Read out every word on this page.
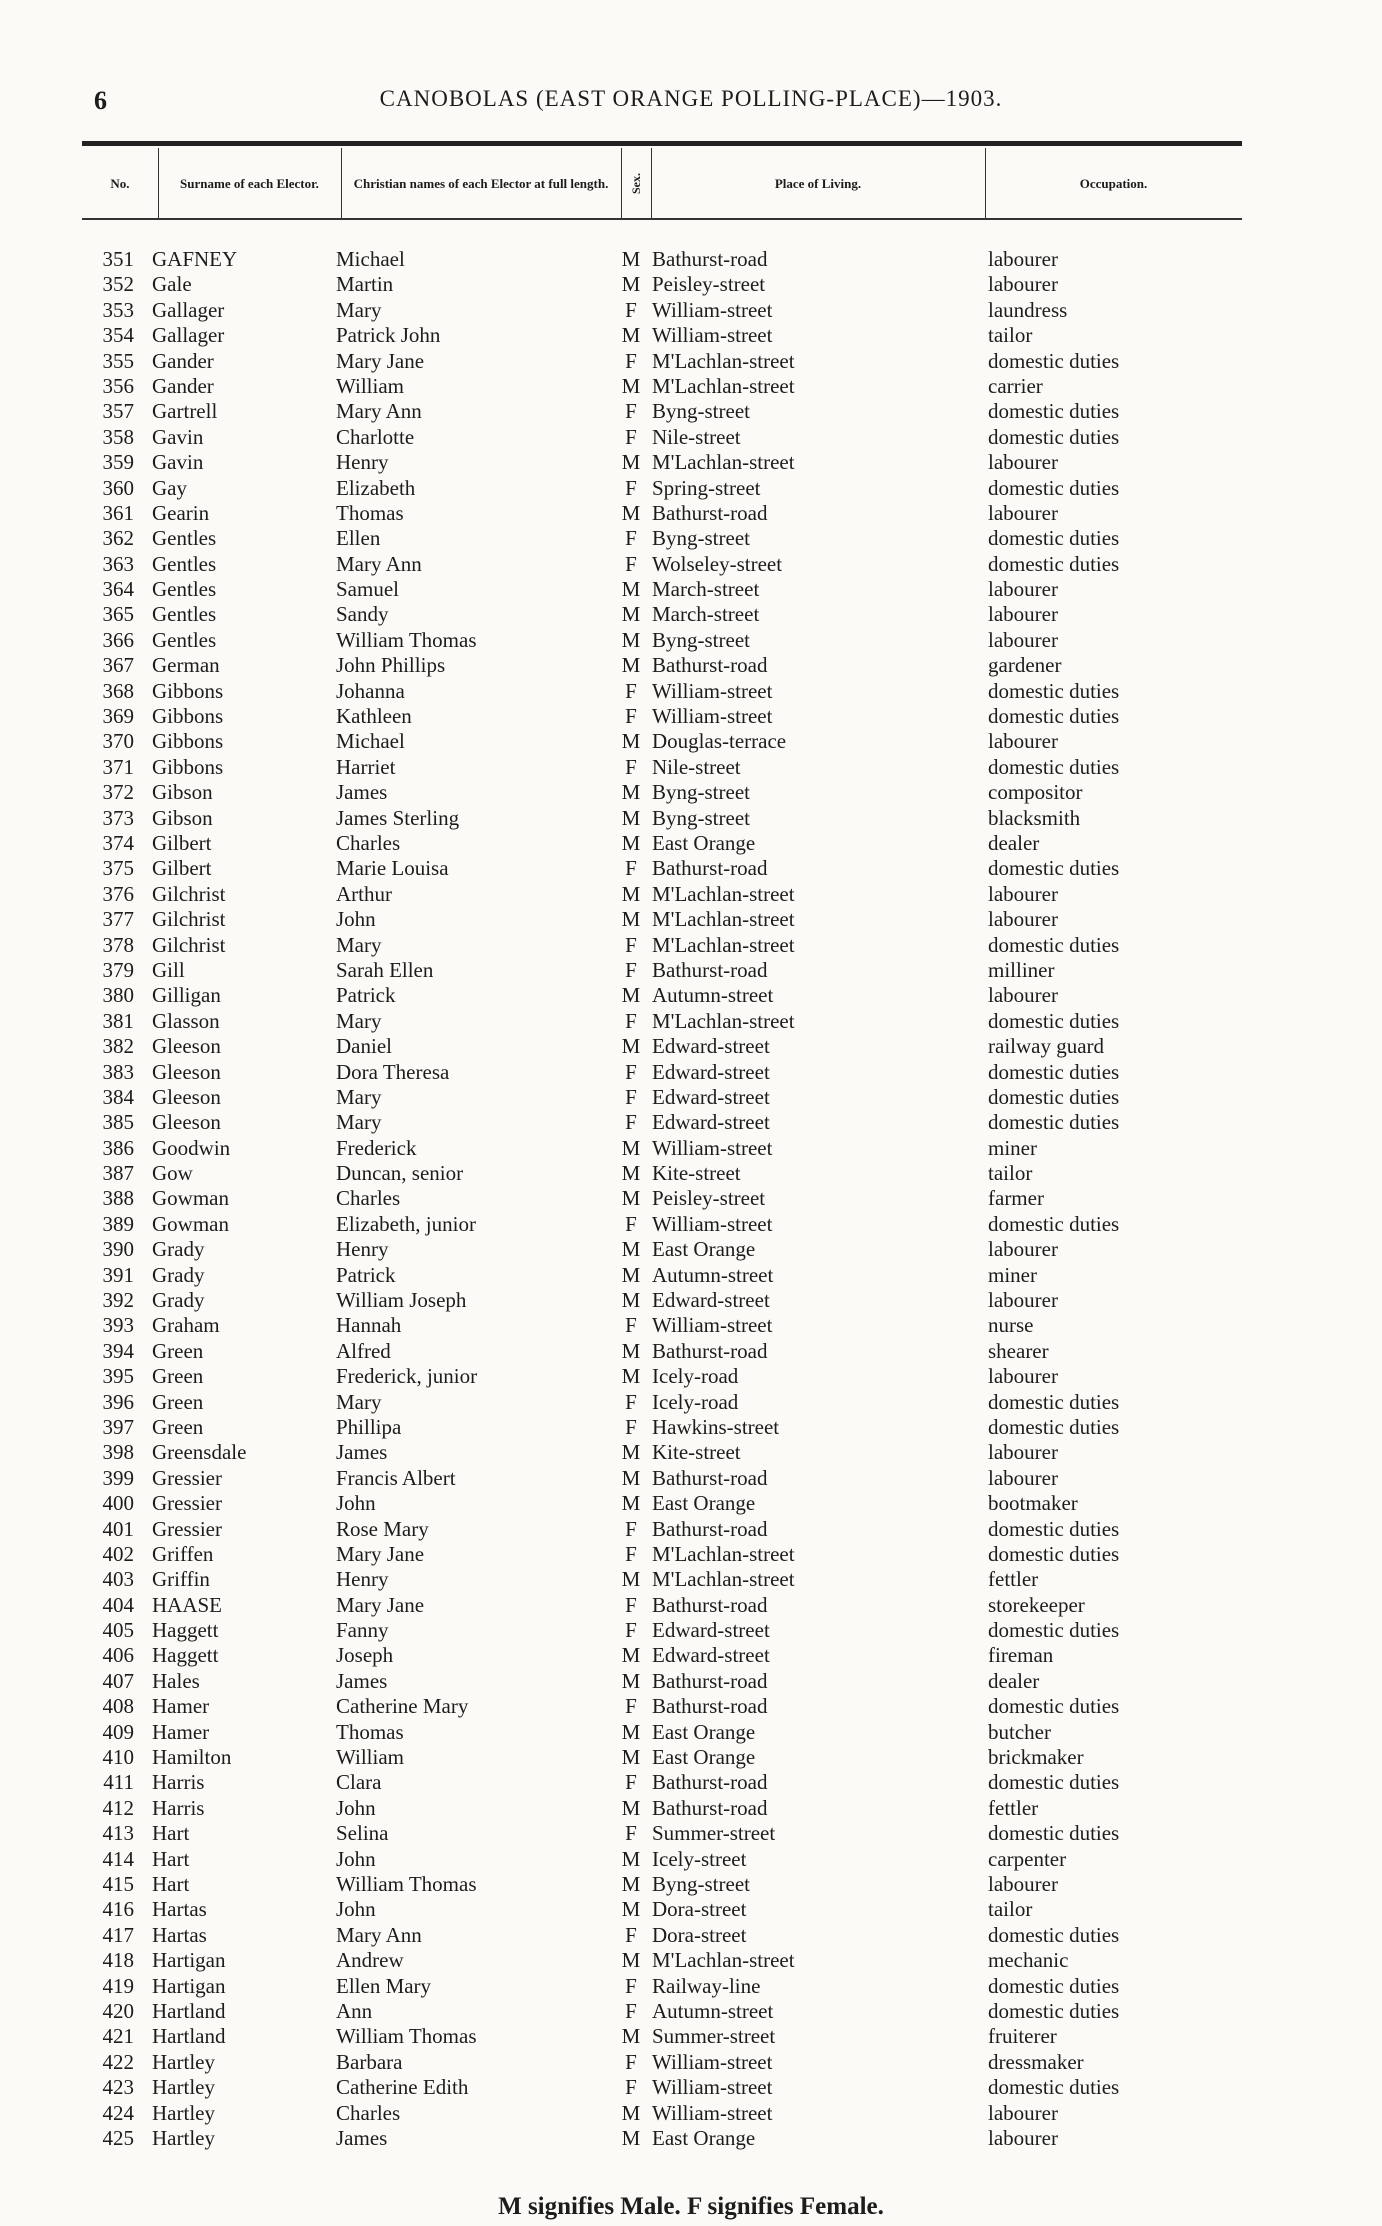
6	CANOBOLAS (EAST ORANGE POLLING-PLACE)—1903.
No.	Surname of each Elector.	Christian names of each Elector at full length.	Sex.	Place of Living.	Occupation.
351 GAFNEY	Michael	M Bathurst-road	labourer
352 Gale	Martin	M Peisley-street	labourer
353 Gallager	Mary	F William-street	laundress
354 Gallager	Patrick John	M William-street	tailor
355 Gander	Mary Jane	F M'Lachlan-street	domestic duties
356 Gander	William	M M'Lachlan-street	carrier
357 Gartrell	Mary Ann	F Byng-street	domestic duties
358 Gavin	Charlotte	F Nile-street	domestic duties
359 Gavin	Henry	M M'Lachlan-street	labourer
360 Gay	Elizabeth	F Spring-street	domestic duties
361 Gearin	Thomas	M Bathurst-road	labourer
362 Gentles	Ellen	F Byng-street	domestic duties
363 Gentles	Mary Ann	F Wolseley-street	domestic duties
364 Gentles	Samuel	M March-street	labourer
365 Gentles	Sandy	M March-street	labourer
366 Gentles	William Thomas	M Byng-street	labourer
367 German	John Phillips	M Bathurst-road	gardener
368 Gibbons	Johanna	F William-street	domestic duties
369 Gibbons	Kathleen	F William-street	domestic duties
370 Gibbons	Michael	M Douglas-terrace	labourer
371 Gibbons	Harriet	F Nile-street	domestic duties
372 Gibson	James	M Byng-street	compositor
373 Gibson	James Sterling	M Byng-street	blacksmith
374 Gilbert	Charles	M East Orange	dealer
375 Gilbert	Marie Louisa	F Bathurst-road	domestic duties
376 Gilchrist	Arthur	M M'Lachlan-street	labourer
377 Gilchrist	John	M M'Lachlan-street	labourer
378 Gilchrist	Mary	F M'Lachlan-street	domestic duties
379 Gill	Sarah Ellen	F Bathurst-road	milliner
380 Gilligan	Patrick	M Autumn-street	labourer
381 Glasson	Mary	F M'Lachlan-street	domestic duties
382 Gleeson	Daniel	M Edward-street	railway guard
383 Gleeson	Dora Theresa	F Edward-street	domestic duties
384 Gleeson	Mary	F Edward-street	domestic duties
385 Gleeson	Mary	F Edward-street	domestic duties
386 Goodwin	Frederick	M William-street	miner
387 Gow	Duncan, senior	M Kite-street	tailor
388 Gowman	Charles	M Peisley-street	farmer
389 Gowman	Elizabeth, junior	F William-street	domestic duties
390 Grady	Henry	M East Orange	labourer
391 Grady	Patrick	M Autumn-street	miner
392 Grady	William Joseph	M Edward-street	labourer
393 Graham	Hannah	F William-street	nurse
394 Green	Alfred	M Bathurst-road	shearer
395 Green	Frederick, junior	M Icely-road	labourer
396 Green	Mary	F Icely-road	domestic duties
397 Green	Phillipa	F Hawkins-street	domestic duties
398 Greensdale	James	M Kite-street	labourer
399 Gressier	Francis Albert	M Bathurst-road	labourer
400 Gressier	John	M East Orange	bootmaker
401 Gressier	Rose Mary	F Bathurst-road	domestic duties
402 Griffen	Mary Jane	F M'Lachlan-street	domestic duties
403 Griffin	Henry	M M'Lachlan-street	fettler
404 HAASE	Mary Jane	F Bathurst-road	storekeeper
405 Haggett	Fanny	F Edward-street	domestic duties
406 Haggett	Joseph	M Edward-street	fireman
407 Hales	James	M Bathurst-road	dealer
408 Hamer	Catherine Mary	F Bathurst-road	domestic duties
409 Hamer	Thomas	M East Orange	butcher
410 Hamilton	William	M East Orange	brickmaker
411 Harris	Clara	F Bathurst-road	domestic duties
412 Harris	John	M Bathurst-road	fettler
413 Hart	Selina	F Summer-street	domestic duties
414 Hart	John	M Icely-street	carpenter
415 Hart	William Thomas	M Byng-street	labourer
416 Hartas	John	M Dora-street	tailor
417 Hartas	Mary Ann	F Dora-street	domestic duties
418 Hartigan	Andrew	M M'Lachlan-street	mechanic
419 Hartigan	Ellen Mary	F Railway-line	domestic duties
420 Hartland	Ann	F Autumn-street	domestic duties
421 Hartland	William Thomas	M Summer-street	fruiterer
422 Hartley	Barbara	F William-street	dressmaker
423 Hartley	Catherine Edith	F William-street	domestic duties
424 Hartley	Charles	M William-street	labourer
425 Hartley	James	M East Orange	labourer
M signifies Male. F signifies Female.
